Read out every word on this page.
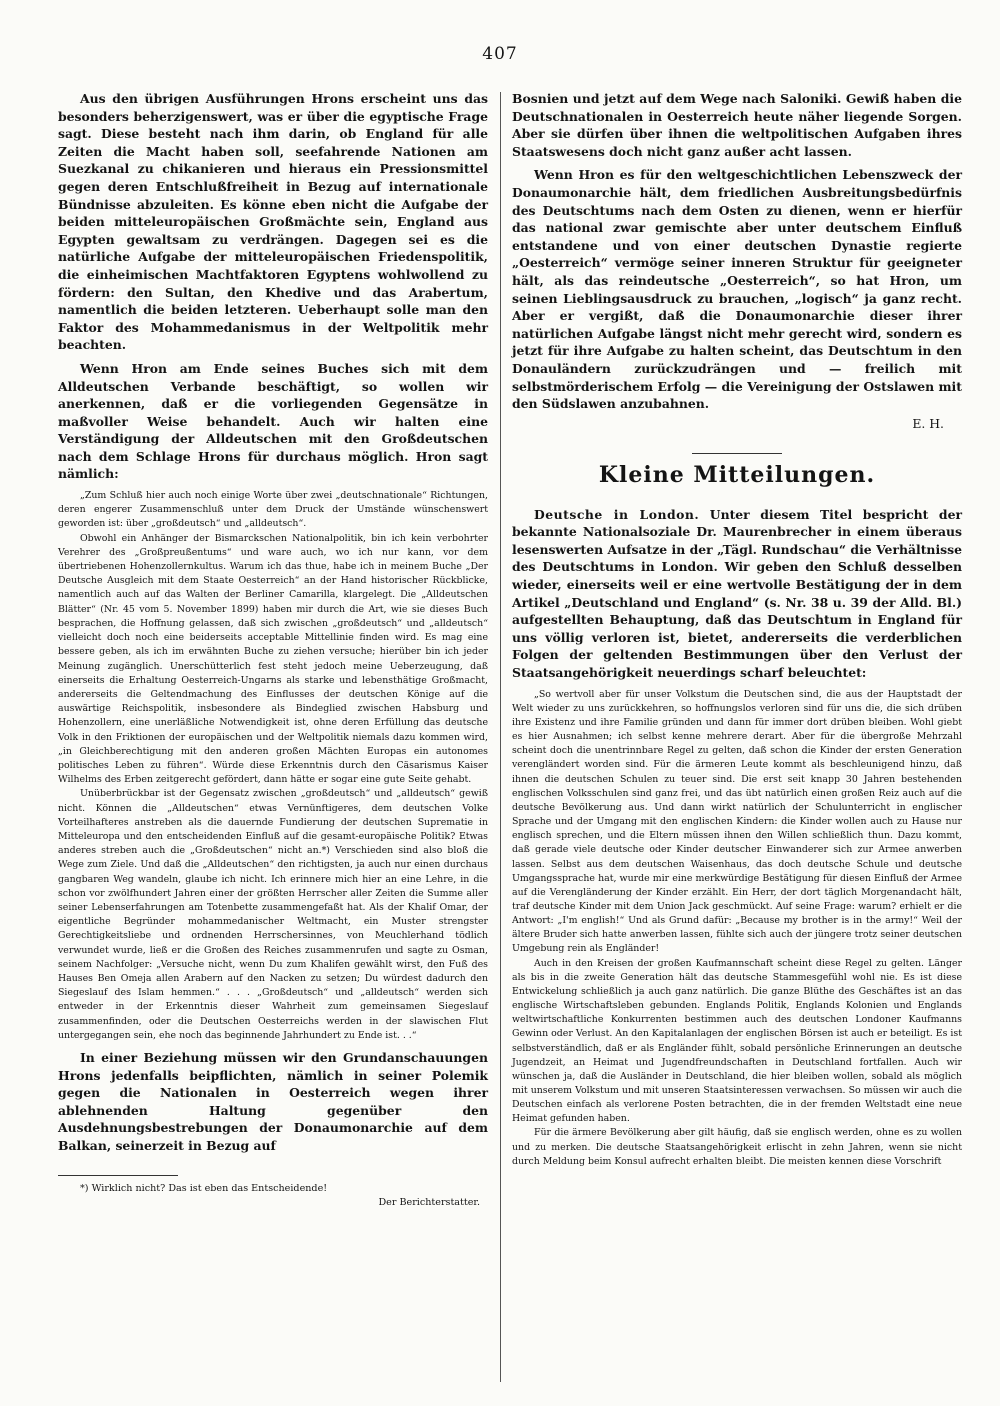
407

Aus den übrigen Ausführungen Hrons erscheint uns das besonders beherzigenswert, was er über die egyptische Frage sagt. Diese besteht nach ihm darin, ob England für alle Zeiten die Macht haben soll, seefahrende Nationen am Suezkanal zu chikanieren und hieraus ein Pressionsmittel gegen deren Entschlußfreiheit in Bezug auf internationale Bündnisse abzuleiten. Es könne eben nicht die Aufgabe der beiden mitteleuropäischen Großmächte sein, England aus Egypten gewaltsam zu verdrängen. Dagegen sei es die natürliche Aufgabe der mitteleuropäischen Friedenspolitik, die einheimischen Machtfaktoren Egyptens wohlwollend zu fördern: den Sultan, den Khedive und das Arabertum, namentlich die beiden letzteren. Ueberhaupt solle man den Faktor des Mohammedanismus in der Weltpolitik mehr beachten.

Wenn Hron am Ende seines Buches sich mit dem Alldeutschen Verbande beschäftigt, so wollen wir anerkennen, daß er die vorliegenden Gegensätze in maßvoller Weise behandelt. Auch wir halten eine Verständigung der Alldeutschen mit den Großdeutschen nach dem Schlage Hrons für durchaus möglich. Hron sagt nämlich:

„Zum Schluß hier auch noch einige Worte über zwei „deutschnationale“ Richtungen, deren engerer Zusammenschluß unter dem Druck der Umstände wünschenswert geworden ist: über „großdeutsch“ und „alldeutsch“.

Obwohl ein Anhänger der Bismarckschen Nationalpolitik, bin ich kein verbohrter Verehrer des „Großpreußentums“ und ware auch, wo ich nur kann, vor dem übertriebenen Hohenzollernkultus. Warum ich das thue, habe ich in meinem Buche „Der Deutsche Ausgleich mit dem Staate Oesterreich“ an der Hand historischer Rückblicke, namentlich auch auf das Walten der Berliner Camarilla, klargelegt. Die „Alldeutschen Blätter“ (Nr. 45 vom 5. November 1899) haben mir durch die Art, wie sie dieses Buch besprachen, die Hoffnung gelassen, daß sich zwischen „großdeutsch“ und „alldeutsch“ vielleicht doch noch eine beiderseits acceptable Mittellinie finden wird. Es mag eine bessere geben, als ich im erwähnten Buche zu ziehen versuche; hierüber bin ich jeder Meinung zugänglich. Unerschütterlich fest steht jedoch meine Ueberzeugung, daß einerseits die Erhaltung Oesterreich-Ungarns als starke und lebensthätige Großmacht, andererseits die Geltendmachung des Einflusses der deutschen Könige auf die auswärtige Reichspolitik, insbesondere als Bindeglied zwischen Habsburg und Hohenzollern, eine unerläßliche Notwendigkeit ist, ohne deren Erfüllung das deutsche Volk in den Friktionen der europäischen und der Weltpolitik niemals dazu kommen wird, „in Gleichberechtigung mit den anderen großen Mächten Europas ein autonomes politisches Leben zu führen“. Würde diese Erkenntnis durch den Cäsarismus Kaiser Wilhelms des Erben zeitgerecht gefördert, dann hätte er sogar eine gute Seite gehabt.

Unüberbrückbar ist der Gegensatz zwischen „großdeutsch“ und „alldeutsch“ gewiß nicht. Können die „Alldeutschen“ etwas Vernünftigeres, dem deutschen Volke Vorteilhafteres anstreben als die dauernde Fundierung der deutschen Suprematie in Mitteleuropa und den entscheidenden Einfluß auf die gesamt-europäische Politik? Etwas anderes streben auch die „Großdeutschen“ nicht an.*) Verschieden sind also bloß die Wege zum Ziele. Und daß die „Alldeutschen“ den richtigsten, ja auch nur einen durchaus gangbaren Weg wandeln, glaube ich nicht. Ich erinnere mich hier an eine Lehre, in die schon vor zwölfhundert Jahren einer der größten Herrscher aller Zeiten die Summe aller seiner Lebenserfahrungen am Totenbette zusammengefaßt hat. Als der Khalif Omar, der eigentliche Begründer mohammedanischer Weltmacht, ein Muster strengster Gerechtigkeitsliebe und ordnenden Herrschersinnes, von Meuchlerhand tödlich verwundet wurde, ließ er die Großen des Reiches zusammenrufen und sagte zu Osman, seinem Nachfolger: „Versuche nicht, wenn Du zum Khalifen gewählt wirst, den Fuß des Hauses Ben Omeja allen Arabern auf den Nacken zu setzen; Du würdest dadurch den Siegeslauf des Islam hemmen.“ . . . „Großdeutsch“ und „alldeutsch“ werden sich entweder in der Erkenntnis dieser Wahrheit zum gemeinsamen Siegeslauf zusammenfinden, oder die Deutschen Oesterreichs werden in der slawischen Flut untergegangen sein, ehe noch das beginnende Jahrhundert zu Ende ist. . .“

In einer Beziehung müssen wir den Grundanschauungen Hrons jedenfalls beipflichten, nämlich in seiner Polemik gegen die Nationalen in Oesterreich wegen ihrer ablehnenden Haltung gegenüber den Ausdehnungsbestrebungen der Donaumonarchie auf dem Balkan, seinerzeit in Bezug auf

*) Wirklich nicht? Das ist eben das Entscheidende!

Der Berichterstatter.

Bosnien und jetzt auf dem Wege nach Saloniki. Gewiß haben die Deutschnationalen in Oesterreich heute näher liegende Sorgen. Aber sie dürfen über ihnen die weltpolitischen Aufgaben ihres Staatswesens doch nicht ganz außer acht lassen.

Wenn Hron es für den weltgeschichtlichen Lebenszweck der Donaumonarchie hält, dem friedlichen Ausbreitungsbedürfnis des Deutschtums nach dem Osten zu dienen, wenn er hierfür das national zwar gemischte aber unter deutschem Einfluß entstandene und von einer deutschen Dynastie regierte „Oesterreich“ vermöge seiner inneren Struktur für geeigneter hält, als das reindeutsche „Oesterreich“, so hat Hron, um seinen Lieblingsausdruck zu brauchen, „logisch“ ja ganz recht. Aber er vergißt, daß die Donaumonarchie dieser ihrer natürlichen Aufgabe längst nicht mehr gerecht wird, sondern es jetzt für ihre Aufgabe zu halten scheint, das Deutschtum in den Donauländern zurückzudrängen und — freilich mit selbstmörderischem Erfolg — die Vereinigung der Ostslawen mit den Südslawen anzubahnen.

E. H.

Kleine Mitteilungen.

Deutsche in London. Unter diesem Titel bespricht der bekannte Nationalsoziale Dr. Maurenbrecher in einem überaus lesenswerten Aufsatze in der „Tägl. Rundschau“ die Verhältnisse des Deutschtums in London. Wir geben den Schluß desselben wieder, einerseits weil er eine wertvolle Bestätigung der in dem Artikel „Deutschland und England“ (s. Nr. 38 u. 39 der Alld. Bl.) aufgestellten Behauptung, daß das Deutschtum in England für uns völlig verloren ist, bietet, andererseits die verderblichen Folgen der geltenden Bestimmungen über den Verlust der Staatsangehörigkeit neuerdings scharf beleuchtet:

„So wertvoll aber für unser Volkstum die Deutschen sind, die aus der Hauptstadt der Welt wieder zu uns zurückkehren, so hoffnungslos verloren sind für uns die, die sich drüben ihre Existenz und ihre Familie gründen und dann für immer dort drüben bleiben. Wohl giebt es hier Ausnahmen; ich selbst kenne mehrere derart. Aber für die übergroße Mehrzahl scheint doch die unentrinnbare Regel zu gelten, daß schon die Kinder der ersten Generation verengländert worden sind. Für die ärmeren Leute kommt als beschleunigend hinzu, daß ihnen die deutschen Schulen zu teuer sind. Die erst seit knapp 30 Jahren bestehenden englischen Volksschulen sind ganz frei, und das übt natürlich einen großen Reiz auch auf die deutsche Bevölkerung aus. Und dann wirkt natürlich der Schulunterricht in englischer Sprache und der Umgang mit den englischen Kindern: die Kinder wollen auch zu Hause nur englisch sprechen, und die Eltern müssen ihnen den Willen schließlich thun. Dazu kommt, daß gerade viele deutsche oder Kinder deutscher Einwanderer sich zur Armee anwerben lassen. Selbst aus dem deutschen Waisenhaus, das doch deutsche Schule und deutsche Umgangssprache hat, wurde mir eine merkwürdige Bestätigung für diesen Einfluß der Armee auf die Verengländerung der Kinder erzählt. Ein Herr, der dort täglich Morgenandacht hält, traf deutsche Kinder mit dem Union Jack geschmückt. Auf seine Frage: warum? erhielt er die Antwort: „I'm english!“ Und als Grund dafür: „Because my brother is in the army!“ Weil der ältere Bruder sich hatte anwerben lassen, fühlte sich auch der jüngere trotz seiner deutschen Umgebung rein als Engländer!

Auch in den Kreisen der großen Kaufmannschaft scheint diese Regel zu gelten. Länger als bis in die zweite Generation hält das deutsche Stammesgefühl wohl nie. Es ist diese Entwickelung schließlich ja auch ganz natürlich. Die ganze Blüthe des Geschäftes ist an das englische Wirtschaftsleben gebunden. Englands Politik, Englands Kolonien und Englands weltwirtschaftliche Konkurrenten bestimmen auch des deutschen Londoner Kaufmanns Gewinn oder Verlust. An den Kapitalanlagen der englischen Börsen ist auch er beteiligt. Es ist selbstverständlich, daß er als Engländer fühlt, sobald persönliche Erinnerungen an deutsche Jugendzeit, an Heimat und Jugendfreundschaften in Deutschland fortfallen. Auch wir wünschen ja, daß die Ausländer in Deutschland, die hier bleiben wollen, sobald als möglich mit unserem Volkstum und mit unseren Staatsinteressen verwachsen. So müssen wir auch die Deutschen einfach als verlorene Posten betrachten, die in der fremden Weltstadt eine neue Heimat gefunden haben.

Für die ärmere Bevölkerung aber gilt häufig, daß sie englisch werden, ohne es zu wollen und zu merken. Die deutsche Staatsangehörigkeit erlischt in zehn Jahren, wenn sie nicht durch Meldung beim Konsul aufrecht erhalten bleibt. Die meisten kennen diese Vorschrift
